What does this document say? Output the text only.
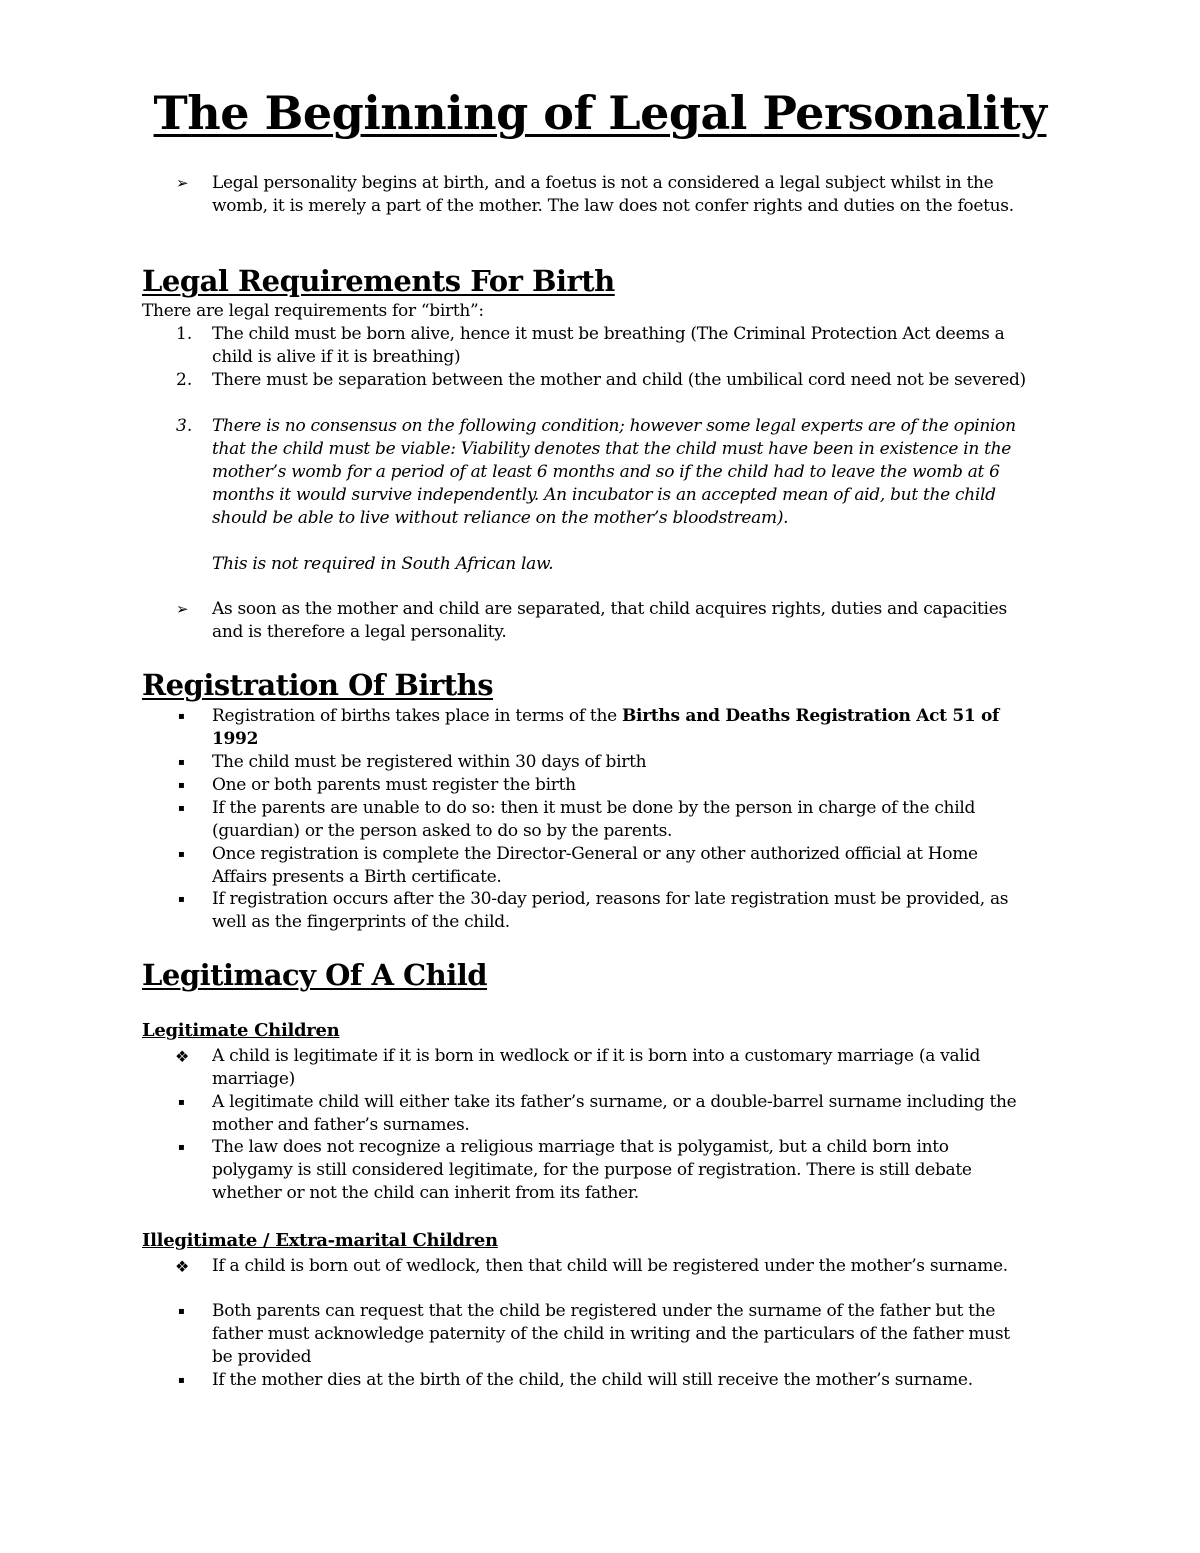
The Beginning of Legal Personality
➢	Legal personality begins at birth, and a foetus is not a considered a legal subject whilst in the womb, it is merely a part of the mother. The law does not confer rights and duties on the foetus.
Legal Requirements For Birth

There are legal requirements for “birth”:

1.	The child must be born alive, hence it must be breathing (The Criminal Protection Act deems a child is alive if it is breathing)
2.	There must be separation between the mother and child (the umbilical cord need not be severed)
3.	There is no consensus on the following condition; however some legal experts are of the opinion that the child must be viable: Viability denotes that the child must have been in existence in the mother’s womb for a period of at least 6 months and so if the child had to leave the womb at 6 months it would survive independently. An incubator is an accepted mean of aid, but the child should be able to live without reliance on the mother’s bloodstream).
This is not required in South African law.
➢	As soon as the mother and child are separated, that child acquires rights, duties and capacities and is therefore a legal personality.
Registration Of Births
▪	Registration of births takes place in terms of the Births and Deaths Registration Act 51 of 1992
▪	The child must be registered within 30 days of birth
▪	One or both parents must register the birth
▪	If the parents are unable to do so: then it must be done by the person in charge of the child (guardian) or the person asked to do so by the parents.
▪	Once registration is complete the Director-General or any other authorized official at Home Affairs presents a Birth certificate.
▪	If registration occurs after the 30-day period, reasons for late registration must be provided, as well as the fingerprints of the child.
Legitimacy Of A Child
Legitimate Children
❖	A child is legitimate if it is born in wedlock or if it is born into a customary marriage (a valid marriage)
▪	A legitimate child will either take its father’s surname, or a double-barrel surname including the mother and father’s surnames.
▪	The law does not recognize a religious marriage that is polygamist, but a child born into polygamy is still considered legitimate, for the purpose of registration. There is still debate whether or not the child can inherit from its father.
Illegitimate / Extra-marital Children
❖	If a child is born out of wedlock, then that child will be registered under the mother’s surname.
▪	Both parents can request that the child be registered under the surname of the father but the father must acknowledge paternity of the child in writing and the particulars of the father must be provided
▪	If the mother dies at the birth of the child, the child will still receive the mother’s surname.
